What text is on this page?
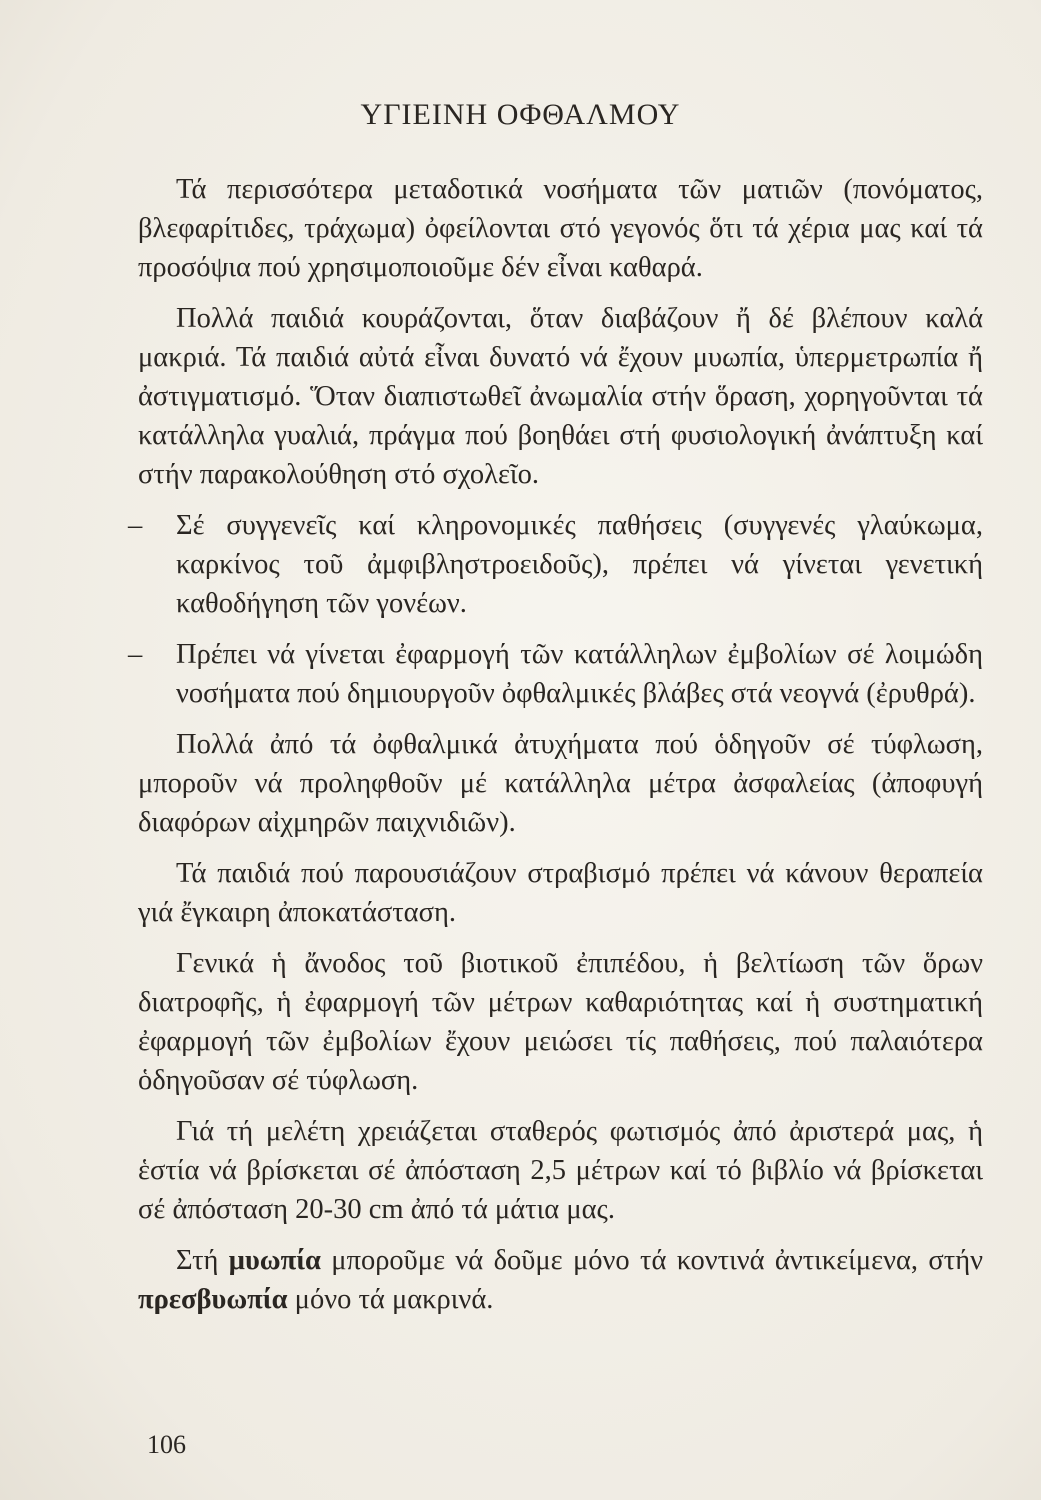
ΥΓΙΕΙΝΗ ΟΦΘΑΛΜΟΥ

Τά περισσότερα μεταδοτικά νοσήματα τῶν ματιῶν (πονόματος, βλεφαρίτιδες, τράχωμα) ὀφείλονται στό γεγονός ὅτι τά χέρια μας καί τά προσόψια πού χρησιμοποιοῦμε δέν εἶναι καθαρά.

Πολλά παιδιά κουράζονται, ὅταν διαβάζουν ἤ δέ βλέπουν καλά μακριά. Τά παιδιά αὐτά εἶναι δυνατό νά ἔχουν μυωπία, ὑπερμετρωπία ἤ ἀστιγματισμό. Ὅταν διαπιστωθεῖ ἀνωμαλία στήν ὅραση, χορηγοῦνται τά κατάλληλα γυαλιά, πράγμα πού βοηθάει στή φυσιολογική ἀνάπτυξη καί στήν παρακολούθηση στό σχολεῖο.

– Σέ συγγενεῖς καί κληρονομικές παθήσεις (συγγενές γλαύκωμα, καρκίνος τοῦ ἀμφιβληστροειδοῦς), πρέπει νά γίνεται γενετική καθοδήγηση τῶν γονέων.
– Πρέπει νά γίνεται ἐφαρμογή τῶν κατάλληλων ἐμβολίων σέ λοιμώδη νοσήματα πού δημιουργοῦν ὀφθαλμικές βλάβες στά νεογνά (ἐρυθρά).

Πολλά ἀπό τά ὀφθαλμικά ἀτυχήματα πού ὁδηγοῦν σέ τύφλωση, μποροῦν νά προληφθοῦν μέ κατάλληλα μέτρα ἀσφαλείας (ἀποφυγή διαφόρων αἰχμηρῶν παιχνιδιῶν).

Τά παιδιά πού παρουσιάζουν στραβισμό πρέπει νά κάνουν θεραπεία γιά ἔγκαιρη ἀποκατάσταση.

Γενικά ἡ ἄνοδος τοῦ βιοτικοῦ ἐπιπέδου, ἡ βελτίωση τῶν ὅρων διατροφῆς, ἡ ἐφαρμογή τῶν μέτρων καθαριότητας καί ἡ συστηματική ἐφαρμογή τῶν ἐμβολίων ἔχουν μειώσει τίς παθήσεις, πού παλαιότερα ὁδηγοῦσαν σέ τύφλωση.

Γιά τή μελέτη χρειάζεται σταθερός φωτισμός ἀπό ἀριστερά μας, ἡ ἑστία νά βρίσκεται σέ ἀπόσταση 2,5 μέτρων καί τό βιβλίο νά βρίσκεται σέ ἀπόσταση 20-30 cm ἀπό τά μάτια μας.

Στή μυωπία μποροῦμε νά δοῦμε μόνο τά κοντινά ἀντικείμενα, στήν πρεσβυωπία μόνο τά μακρινά.

106
